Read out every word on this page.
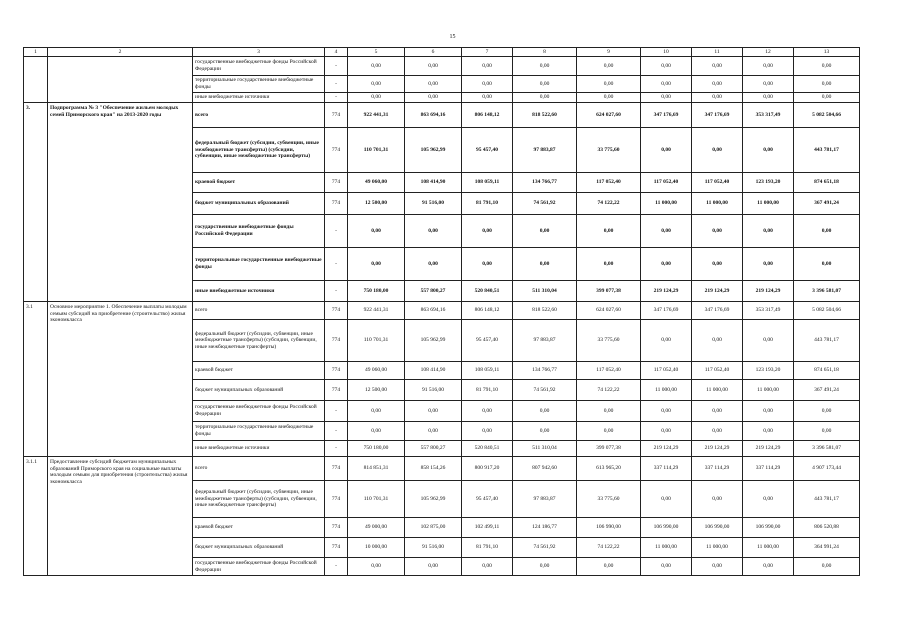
15
1	2	3	4	5	6	7	8	9	10	11	12	13
		государственные внебюджетные фонды Российской Федерации	-	0,00	0,00	0,00	0,00	0,00	0,00	0,00	0,00	0,00
		территориальные государственные внебюджетные фонды	-	0,00	0,00	0,00	0,00	0,00	0,00	0,00	0,00	0,00
		иные внебюджетные источники	-	0,00	0,00	0,00	0,00	0,00	0,00	0,00	0,00	0,00
3.	Подпрограмма № 3 "Обеспечение жильем молодых семей Приморского края" на 2013-2020 годы	всего	774	922 441,31	863 694,16	806 148,12	818 522,60	624 027,60	347 176,69	347 176,69	353 317,49	5 082 504,66
		федеральный бюджет (субсидии, субвенции, иные межбюджетные трансферты) (субсидии, субвенции, иные межбюджетные трансферты)	774	110 701,31	105 962,99	95 457,40	97 883,87	33 775,60	0,00	0,00	0,00	443 781,17
		краевой бюджет	774	49 060,00	108 414,90	108 059,11	134 766,77	117 052,40	117 052,40	117 052,40	123 193,20	874 651,18
		бюджет муниципальных образований	774	12 500,00	91 516,00	81 791,10	74 561,92	74 122,22	11 000,00	11 000,00	11 000,00	367 491,24
		государственные внебюджетные фонды Российской Федерации	-	0,00	0,00	0,00	0,00	0,00	0,00	0,00	0,00	0,00
		территориальные государственные внебюджетные фонды	-	0,00	0,00	0,00	0,00	0,00	0,00	0,00	0,00	0,00
		иные внебюджетные источники	-	750 180,00	557 800,27	520 840,51	511 310,04	399 077,38	219 124,29	219 124,29	219 124,29	3 396 581,07
3.1	Основное мероприятие 1. Обеспечение выплаты молодым семьям субсидий на приобретение (строительство) жилья экономкласса	всего	774	922 441,31	863 694,16	806 148,12	818 522,60	624 027,60	347 176,69	347 176,69	353 317,49	5 082 504,66
		федеральный бюджет (субсидии, субвенции, иные межбюджетные трансферты) (субсидии, субвенции, иные межбюджетные трансферты)	774	110 701,31	105 962,99	95 457,40	97 883,87	33 775,60	0,00	0,00	0,00	443 781,17
		краевой бюджет	774	49 060,00	108 414,90	108 059,11	134 766,77	117 052,40	117 052,40	117 052,40	123 193,20	874 651,18
		бюджет муниципальных образований	774	12 500,00	91 516,00	81 791,10	74 561,92	74 122,22	11 000,00	11 000,00	11 000,00	367 491,24
		государственные внебюджетные фонды Российской Федерации	-	0,00	0,00	0,00	0,00	0,00	0,00	0,00	0,00	0,00
		территориальные государственные внебюджетные фонды	-	0,00	0,00	0,00	0,00	0,00	0,00	0,00	0,00	0,00
		иные внебюджетные источники	-	750 180,00	557 800,27	520 840,51	511 310,04	399 077,38	219 124,29	219 124,29	219 124,29	3 396 581,07
3.1.1	Предоставление субсидий бюджетам муниципальных образований Приморского края на социальные выплаты молодым семьям для приобретения (строительства) жилья экономкласса	всего	774	814 851,31	858 154,26	800 917,20	807 942,60	613 965,20	337 114,29	337 114,29	337 114,29	4 907 173,44
		федеральный бюджет (субсидии, субвенции, иные межбюджетные трансферты) (субсидии, субвенции, иные межбюджетные трансферты)	774	110 701,31	105 962,99	95 457,40	97 883,87	33 775,60	0,00	0,00	0,00	443 781,17
		краевой бюджет	774	49 000,00	102 875,00	102 499,11	124 186,77	106 990,00	106 990,00	106 990,00	106 990,00	806 520,88
		бюджет муниципальных образований	774	10 000,00	91 516,00	81 791,10	74 561,92	74 122,22	11 000,00	11 000,00	11 000,00	364 991,24
		государственные внебюджетные фонды Российской Федерации	-	0,00	0,00	0,00	0,00	0,00	0,00	0,00	0,00	0,00
